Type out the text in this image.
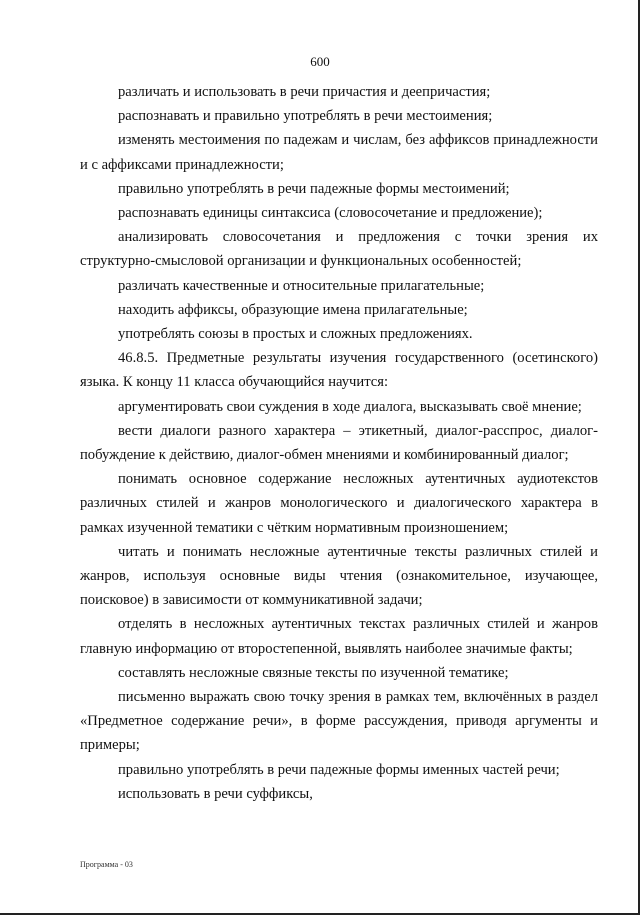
600

различать и использовать в речи причастия и деепричастия;

распознавать и правильно употреблять в речи местоимения;

изменять местоимения по падежам и числам, без аффиксов принадлежности и с аффиксами принадлежности;

правильно употреблять в речи падежные формы местоимений;

распознавать единицы синтаксиса (словосочетание и предложение);

анализировать словосочетания и предложения с точки зрения их структурно-смысловой организации и функциональных особенностей;

различать качественные и относительные прилагательные;

находить аффиксы, образующие имена прилагательные;

употреблять союзы в простых и сложных предложениях.

46.8.5. Предметные результаты изучения государственного (осетинского) языка. К концу 11 класса обучающийся научится:

аргументировать свои суждения в ходе диалога, высказывать своё мнение;

вести диалоги разного характера – этикетный, диалог-расспрос, диалог-побуждение к действию, диалог-обмен мнениями и комбинированный диалог;

понимать основное содержание несложных аутентичных аудиотекстов различных стилей и жанров монологического и диалогического характера в рамках изученной тематики с чётким нормативным произношением;

читать и понимать несложные аутентичные тексты различных стилей и жанров, используя основные виды чтения (ознакомительное, изучающее, поисковое) в зависимости от коммуникативной задачи;

отделять в несложных аутентичных текстах различных стилей и жанров главную информацию от второстепенной, выявлять наиболее значимые факты;

составлять несложные связные тексты по изученной тематике;

письменно выражать свою точку зрения в рамках тем, включённых в раздел «Предметное содержание речи», в форме рассуждения, приводя аргументы и примеры;

правильно употреблять в речи падежные формы именных частей речи;

использовать в речи суффиксы,

Программа - 03
